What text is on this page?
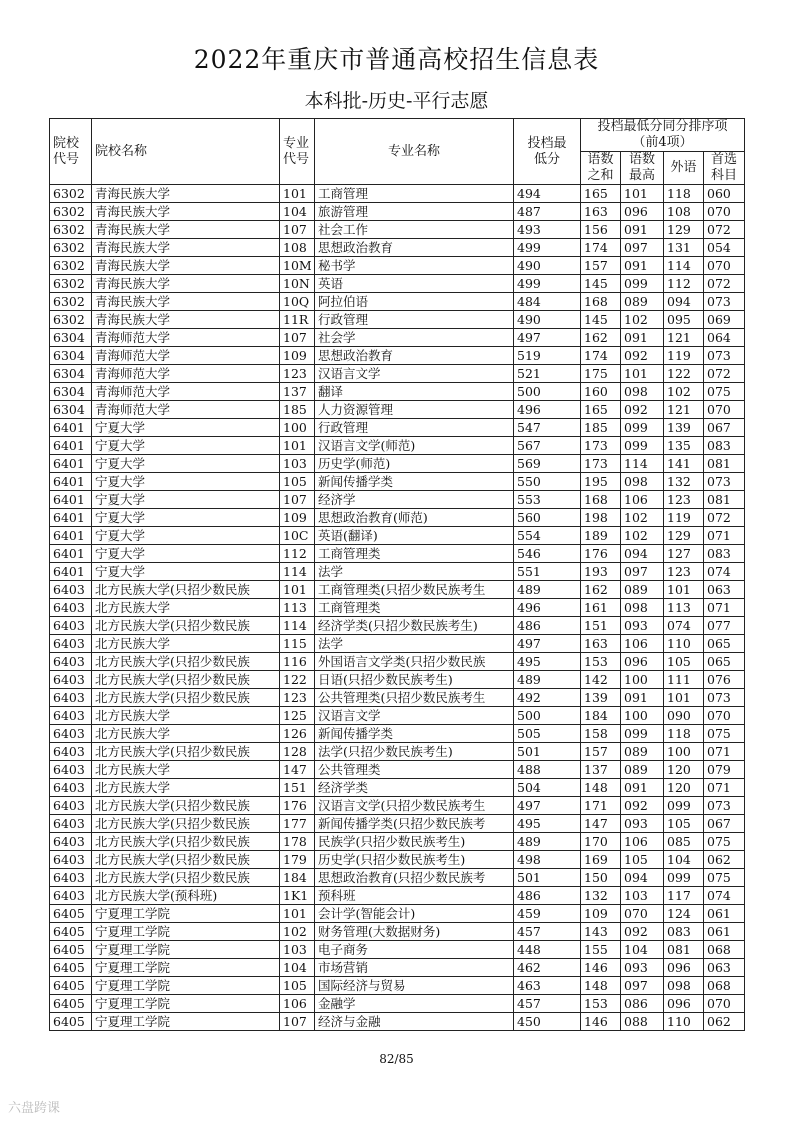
2022年重庆市普通高校招生信息表
本科批-历史-平行志愿
院校代号	院校名称	专业代号	专业名称	投档最低分	投档最低分同分排序项（前4项）			
					语数之和	语数最高	外语	首选科目
6302	青海民族大学	101	工商管理	494	165	101	118	060
6302	青海民族大学	104	旅游管理	487	163	096	108	070
6302	青海民族大学	107	社会工作	493	156	091	129	072
6302	青海民族大学	108	思想政治教育	499	174	097	131	054
6302	青海民族大学	10M	秘书学	490	157	091	114	070
6302	青海民族大学	10N	英语	499	145	099	112	072
6302	青海民族大学	10Q	阿拉伯语	484	168	089	094	073
6302	青海民族大学	11R	行政管理	490	145	102	095	069
6304	青海师范大学	107	社会学	497	162	091	121	064
6304	青海师范大学	109	思想政治教育	519	174	092	119	073
6304	青海师范大学	123	汉语言文学	521	175	101	122	072
6304	青海师范大学	137	翻译	500	160	098	102	075
6304	青海师范大学	185	人力资源管理	496	165	092	121	070
6401	宁夏大学	100	行政管理	547	185	099	139	067
6401	宁夏大学	101	汉语言文学(师范)	567	173	099	135	083
6401	宁夏大学	103	历史学(师范)	569	173	114	141	081
6401	宁夏大学	105	新闻传播学类	550	195	098	132	073
6401	宁夏大学	107	经济学	553	168	106	123	081
6401	宁夏大学	109	思想政治教育(师范)	560	198	102	119	072
6401	宁夏大学	10C	英语(翻译)	554	189	102	129	071
6401	宁夏大学	112	工商管理类	546	176	094	127	083
6401	宁夏大学	114	法学	551	193	097	123	074
6403	北方民族大学(只招少数民族	101	工商管理类(只招少数民族考生	489	162	089	101	063
6403	北方民族大学	113	工商管理类	496	161	098	113	071
6403	北方民族大学(只招少数民族	114	经济学类(只招少数民族考生)	486	151	093	074	077
6403	北方民族大学	115	法学	497	163	106	110	065
6403	北方民族大学(只招少数民族	116	外国语言文学类(只招少数民族	495	153	096	105	065
6403	北方民族大学(只招少数民族	122	日语(只招少数民族考生)	489	142	100	111	076
6403	北方民族大学(只招少数民族	123	公共管理类(只招少数民族考生	492	139	091	101	073
6403	北方民族大学	125	汉语言文学	500	184	100	090	070
6403	北方民族大学	126	新闻传播学类	505	158	099	118	075
6403	北方民族大学(只招少数民族	128	法学(只招少数民族考生)	501	157	089	100	071
6403	北方民族大学	147	公共管理类	488	137	089	120	079
6403	北方民族大学	151	经济学类	504	148	091	120	071
6403	北方民族大学(只招少数民族	176	汉语言文学(只招少数民族考生	497	171	092	099	073
6403	北方民族大学(只招少数民族	177	新闻传播学类(只招少数民族考	495	147	093	105	067
6403	北方民族大学(只招少数民族	178	民族学(只招少数民族考生)	489	170	106	085	075
6403	北方民族大学(只招少数民族	179	历史学(只招少数民族考生)	498	169	105	104	062
6403	北方民族大学(只招少数民族	184	思想政治教育(只招少数民族考	501	150	094	099	075
6403	北方民族大学(预科班)	1K1	预科班	486	132	103	117	074
6405	宁夏理工学院	101	会计学(智能会计)	459	109	070	124	061
6405	宁夏理工学院	102	财务管理(大数据财务)	457	143	092	083	061
6405	宁夏理工学院	103	电子商务	448	155	104	081	068
6405	宁夏理工学院	104	市场营销	462	146	093	096	063
6405	宁夏理工学院	105	国际经济与贸易	463	148	097	098	068
6405	宁夏理工学院	106	金融学	457	153	086	096	070
6405	宁夏理工学院	107	经济与金融	450	146	088	110	062
82/85
六盘跨课
